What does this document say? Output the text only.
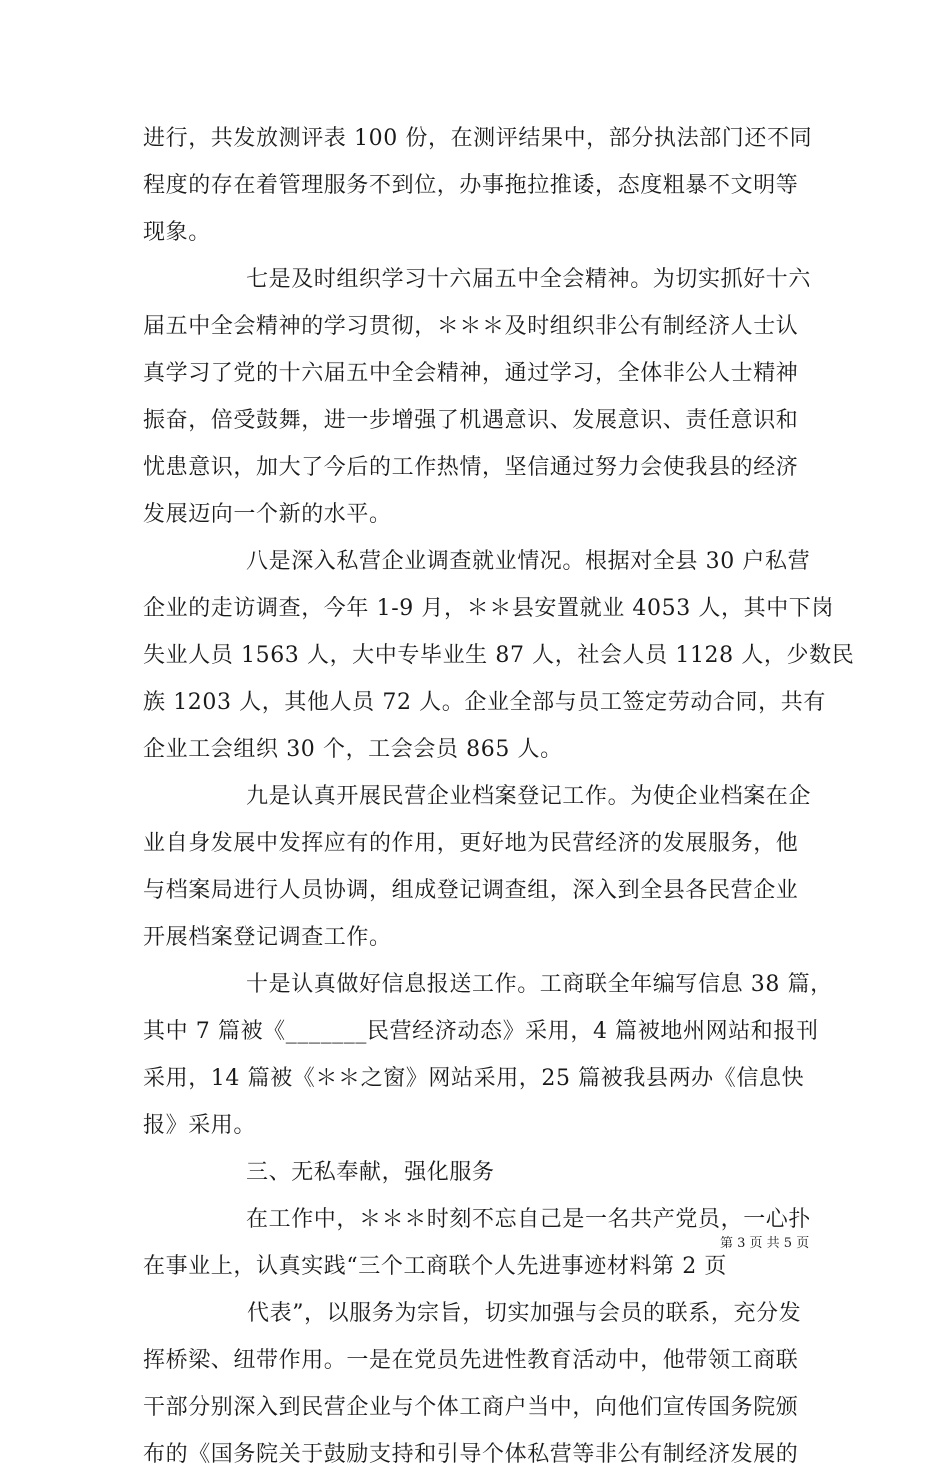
进行，共发放测评表 100 份，在测评结果中，部分执法部门还不同
程度的存在着管理服务不到位，办事拖拉推诿，态度粗暴不文明等
现象。
七是及时组织学习十六届五中全会精神。为切实抓好十六
届五中全会精神的学习贯彻，＊＊＊及时组织非公有制经济人士认
真学习了党的十六届五中全会精神，通过学习，全体非公人士精神
振奋，倍受鼓舞，进一步增强了机遇意识、发展意识、责任意识和
忧患意识，加大了今后的工作热情，坚信通过努力会使我县的经济
发展迈向一个新的水平。
八是深入私营企业调查就业情况。根据对全县 30 户私营
企业的走访调查，今年 1-9 月，＊＊县安置就业 4053 人，其中下岗
失业人员 1563 人，大中专毕业生 87 人，社会人员 1128 人，少数民
族 1203 人，其他人员 72 人。企业全部与员工签定劳动合同，共有
企业工会组织 30 个，工会会员 865 人。
九是认真开展民营企业档案登记工作。为使企业档案在企
业自身发展中发挥应有的作用，更好地为民营经济的发展服务，他
与档案局进行人员协调，组成登记调查组，深入到全县各民营企业
开展档案登记调查工作。
十是认真做好信息报送工作。工商联全年编写信息 38 篇，
其中 7 篇被《_______民营经济动态》采用，4 篇被地州网站和报刊
采用，14 篇被《＊＊之窗》网站采用，25 篇被我县两办《信息快
报》采用。
三、无私奉献，强化服务
在工作中，＊＊＊时刻不忘自己是一名共产党员，一心扑
在事业上，认真实践“三个工商联个人先进事迹材料第 2 页
代表”，以服务为宗旨，切实加强与会员的联系，充分发
挥桥梁、纽带作用。一是在党员先进性教育活动中，他带领工商联
干部分别深入到民营企业与个体工商户当中，向他们宣传国务院颁
布的《国务院关于鼓励支持和引导个体私营等非公有制经济发展的
第 3 页 共 5 页
